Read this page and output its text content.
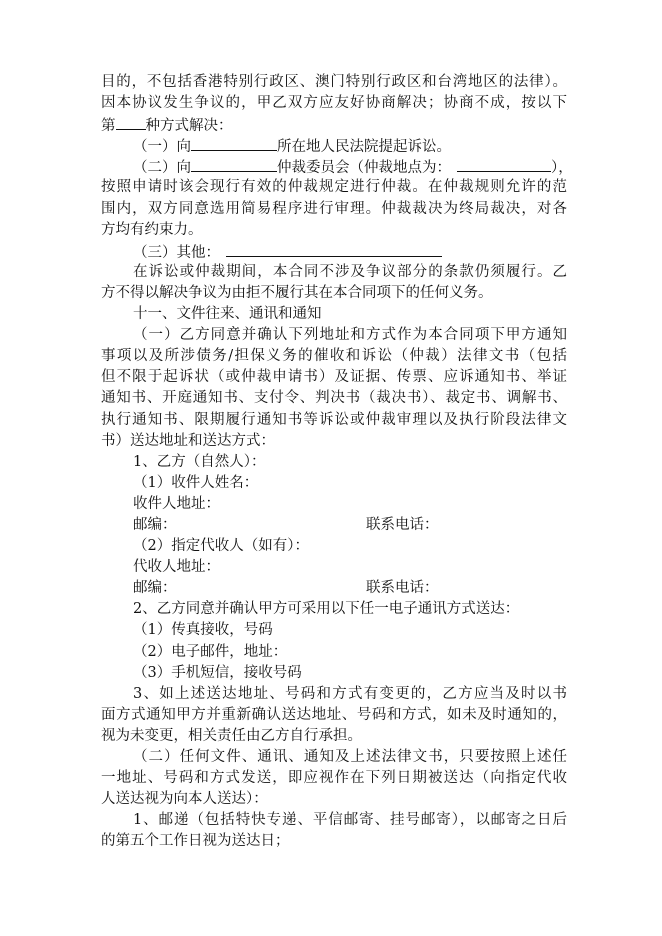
目的，不包括香港特别行政区、澳门特别行政区和台湾地区的法律）。
因本协议发生争议的，甲乙双方应友好协商解决；协商不成，按以下
第 种方式解决：
（一）向	所在地人民法院提起诉讼。
（二）向	仲裁委员会（仲裁地点为：	），
按照申请时该会现行有效的仲裁规定进行仲裁。在仲裁规则允许的范
围内，双方同意选用简易程序进行审理。仲裁裁决为终局裁决，对各
方均有约束力。
（三）其他：
在诉讼或仲裁期间，本合同不涉及争议部分的条款仍须履行。乙
方不得以解决争议为由拒不履行其在本合同项下的任何义务。
十一、文件往来、通讯和通知
（一）乙方同意并确认下列地址和方式作为本合同项下甲方通知
事项以及所涉债务/担保义务的催收和诉讼（仲裁）法律文书（包括
但不限于起诉状（或仲裁申请书）及证据、传票、应诉通知书、举证
通知书、开庭通知书、支付令、判决书（裁决书）、裁定书、调解书、
执行通知书、限期履行通知书等诉讼或仲裁审理以及执行阶段法律文
书）送达地址和送达方式：
1、乙方（自然人）：
（1）收件人姓名：
收件人地址：
邮编：	联系电话：
（2）指定代收人（如有）：
代收人地址：
邮编：	联系电话：
2、乙方同意并确认甲方可采用以下任一电子通讯方式送达：
（1）传真接收，号码
（2）电子邮件，地址：
（3）手机短信，接收号码
3、如上述送达地址、号码和方式有变更的，乙方应当及时以书
面方式通知甲方并重新确认送达地址、号码和方式，如未及时通知的，
视为未变更，相关责任由乙方自行承担。
（二）任何文件、通讯、通知及上述法律文书，只要按照上述任
一地址、号码和方式发送，即应视作在下列日期被送达（向指定代收
人送达视为向本人送达）：
1、邮递（包括特快专递、平信邮寄、挂号邮寄），以邮寄之日后
的第五个工作日视为送达日；
